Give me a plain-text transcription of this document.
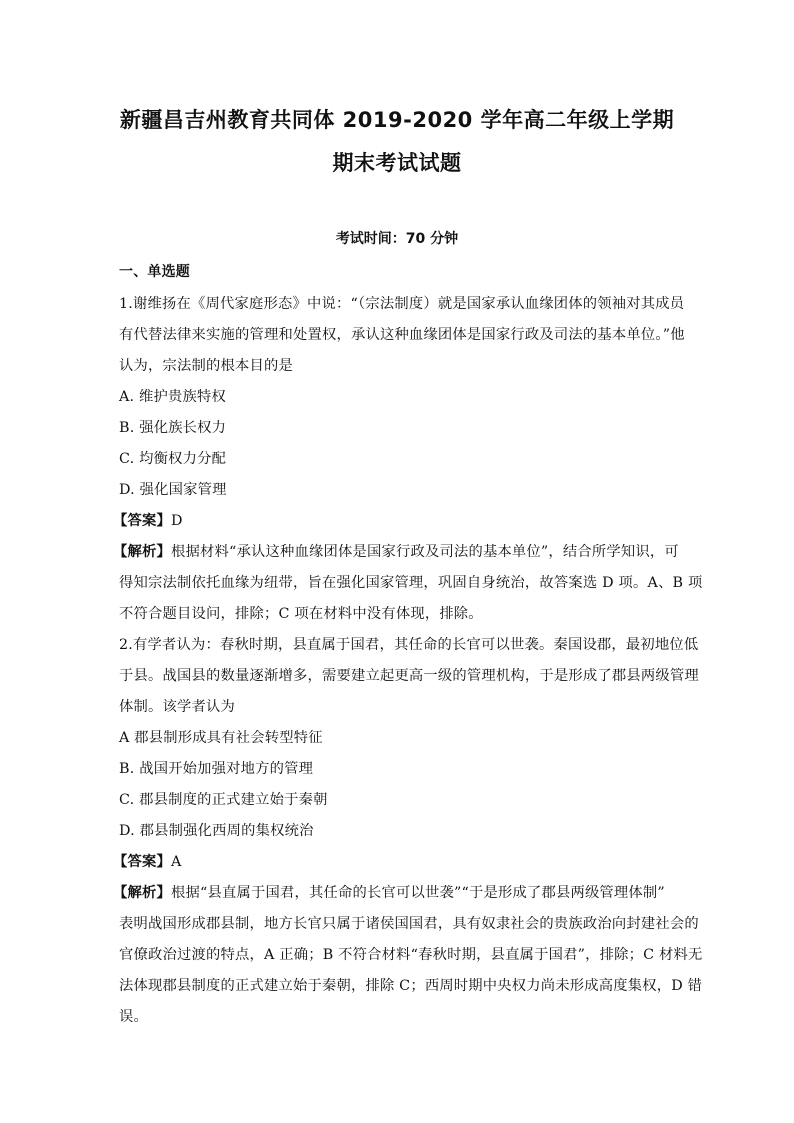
新疆昌吉州教育共同体 2019-2020 学年高二年级上学期
期末考试试题
考试时间：70 分钟
一、单选题
1.谢维扬在《周代家庭形态》中说：“（宗法制度）就是国家承认血缘团体的领袖对其成员
有代替法律来实施的管理和处置权，承认这种血缘团体是国家行政及司法的基本单位。”他
认为，宗法制的根本目的是
A. 维护贵族特权
B. 强化族长权力
C. 均衡权力分配
D. 强化国家管理
【答案】D
【解析】根据材料“承认这种血缘团体是国家行政及司法的基本单位”，结合所学知识，可
得知宗法制依托血缘为纽带，旨在强化国家管理，巩固自身统治，故答案选 D 项。A、B 项
不符合题目设问，排除；C 项在材料中没有体现，排除。
2.有学者认为：春秋时期，县直属于国君，其任命的长官可以世袭。秦国设郡，最初地位低
于县。战国县的数量逐渐增多，需要建立起更高一级的管理机构，于是形成了郡县两级管理
体制。该学者认为
A 郡县制形成具有社会转型特征
B. 战国开始加强对地方的管理
C. 郡县制度的正式建立始于秦朝
D. 郡县制强化西周的集权统治
【答案】A
【解析】根据“县直属于国君，其任命的长官可以世袭”“于是形成了郡县两级管理体制”
表明战国形成郡县制，地方长官只属于诸侯国国君，具有奴隶社会的贵族政治向封建社会的
官僚政治过渡的特点，A 正确；B 不符合材料“春秋时期，县直属于国君”，排除；C 材料无
法体现郡县制度的正式建立始于秦朝，排除 C；西周时期中央权力尚未形成高度集权，D 错
误。
